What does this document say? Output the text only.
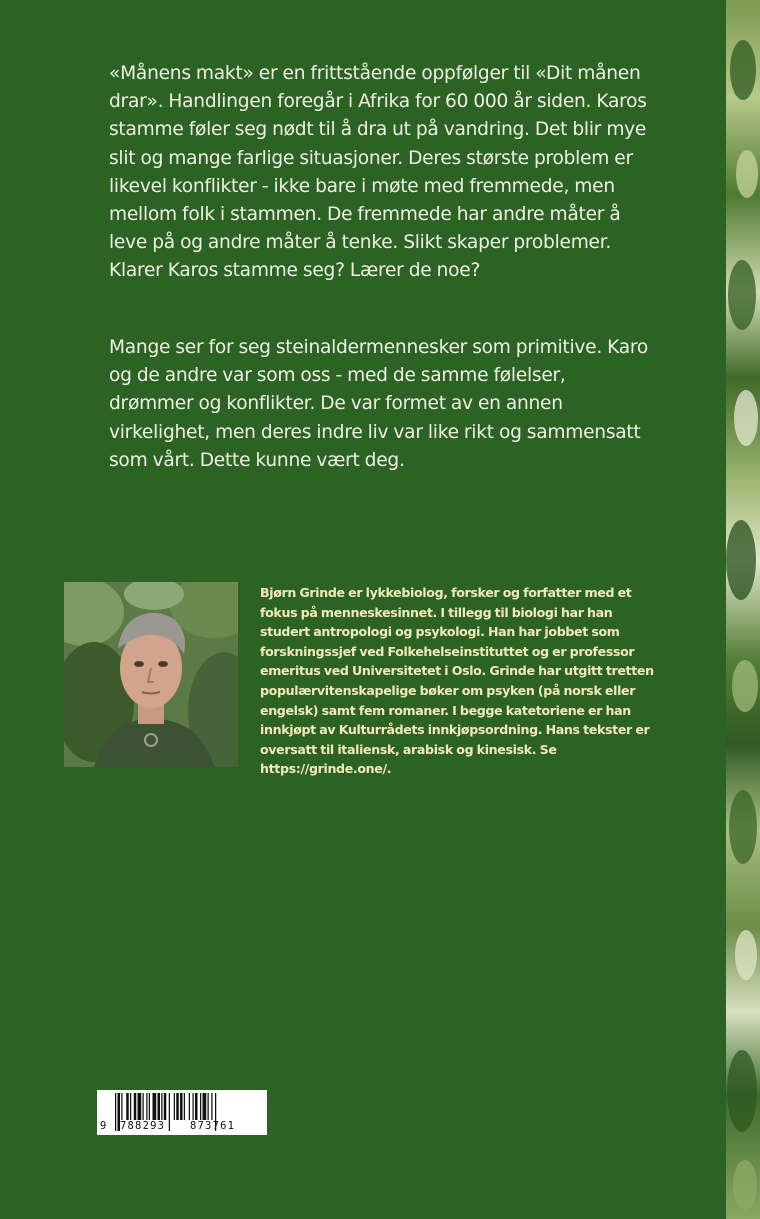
«Månens makt» er en frittstående oppfølger til «Dit månen drar». Handlingen foregår i Afrika for 60 000 år siden. Karos stamme føler seg nødt til å dra ut på vandring. Det blir mye slit og mange farlige situasjoner. Deres største problem er likevel konflikter - ikke bare i møte med fremmede, men mellom folk i stammen. De fremmede har andre måter å leve på og andre måter å tenke. Slikt skaper problemer. Klarer Karos stamme seg? Lærer de noe?

Mange ser for seg steinaldermennesker som primitive. Karo og de andre var som oss - med de samme følelser, drømmer og konflikter. De var formet av en annen virkelighet, men deres indre liv var like rikt og sammensatt som vårt. Dette kunne vært deg.

Bjørn Grinde er lykkebiolog, forsker og forfatter med et fokus på menneskesinnet. I tillegg til biologi har han studert antropologi og psykologi. Han har jobbet som forskningssjef ved Folkehelseinstituttet og er professor emeritus ved Universitetet i Oslo. Grinde har utgitt tretten populærvitenskapelige bøker om psyken (på norsk eller engelsk) samt fem romaner. I begge katetoriene er han innkjøpt av Kulturrådets innkjøpsordning. Hans tekster er oversatt til italiensk, arabisk og kinesisk. Se https://grinde.one/.

9 788293 873761
